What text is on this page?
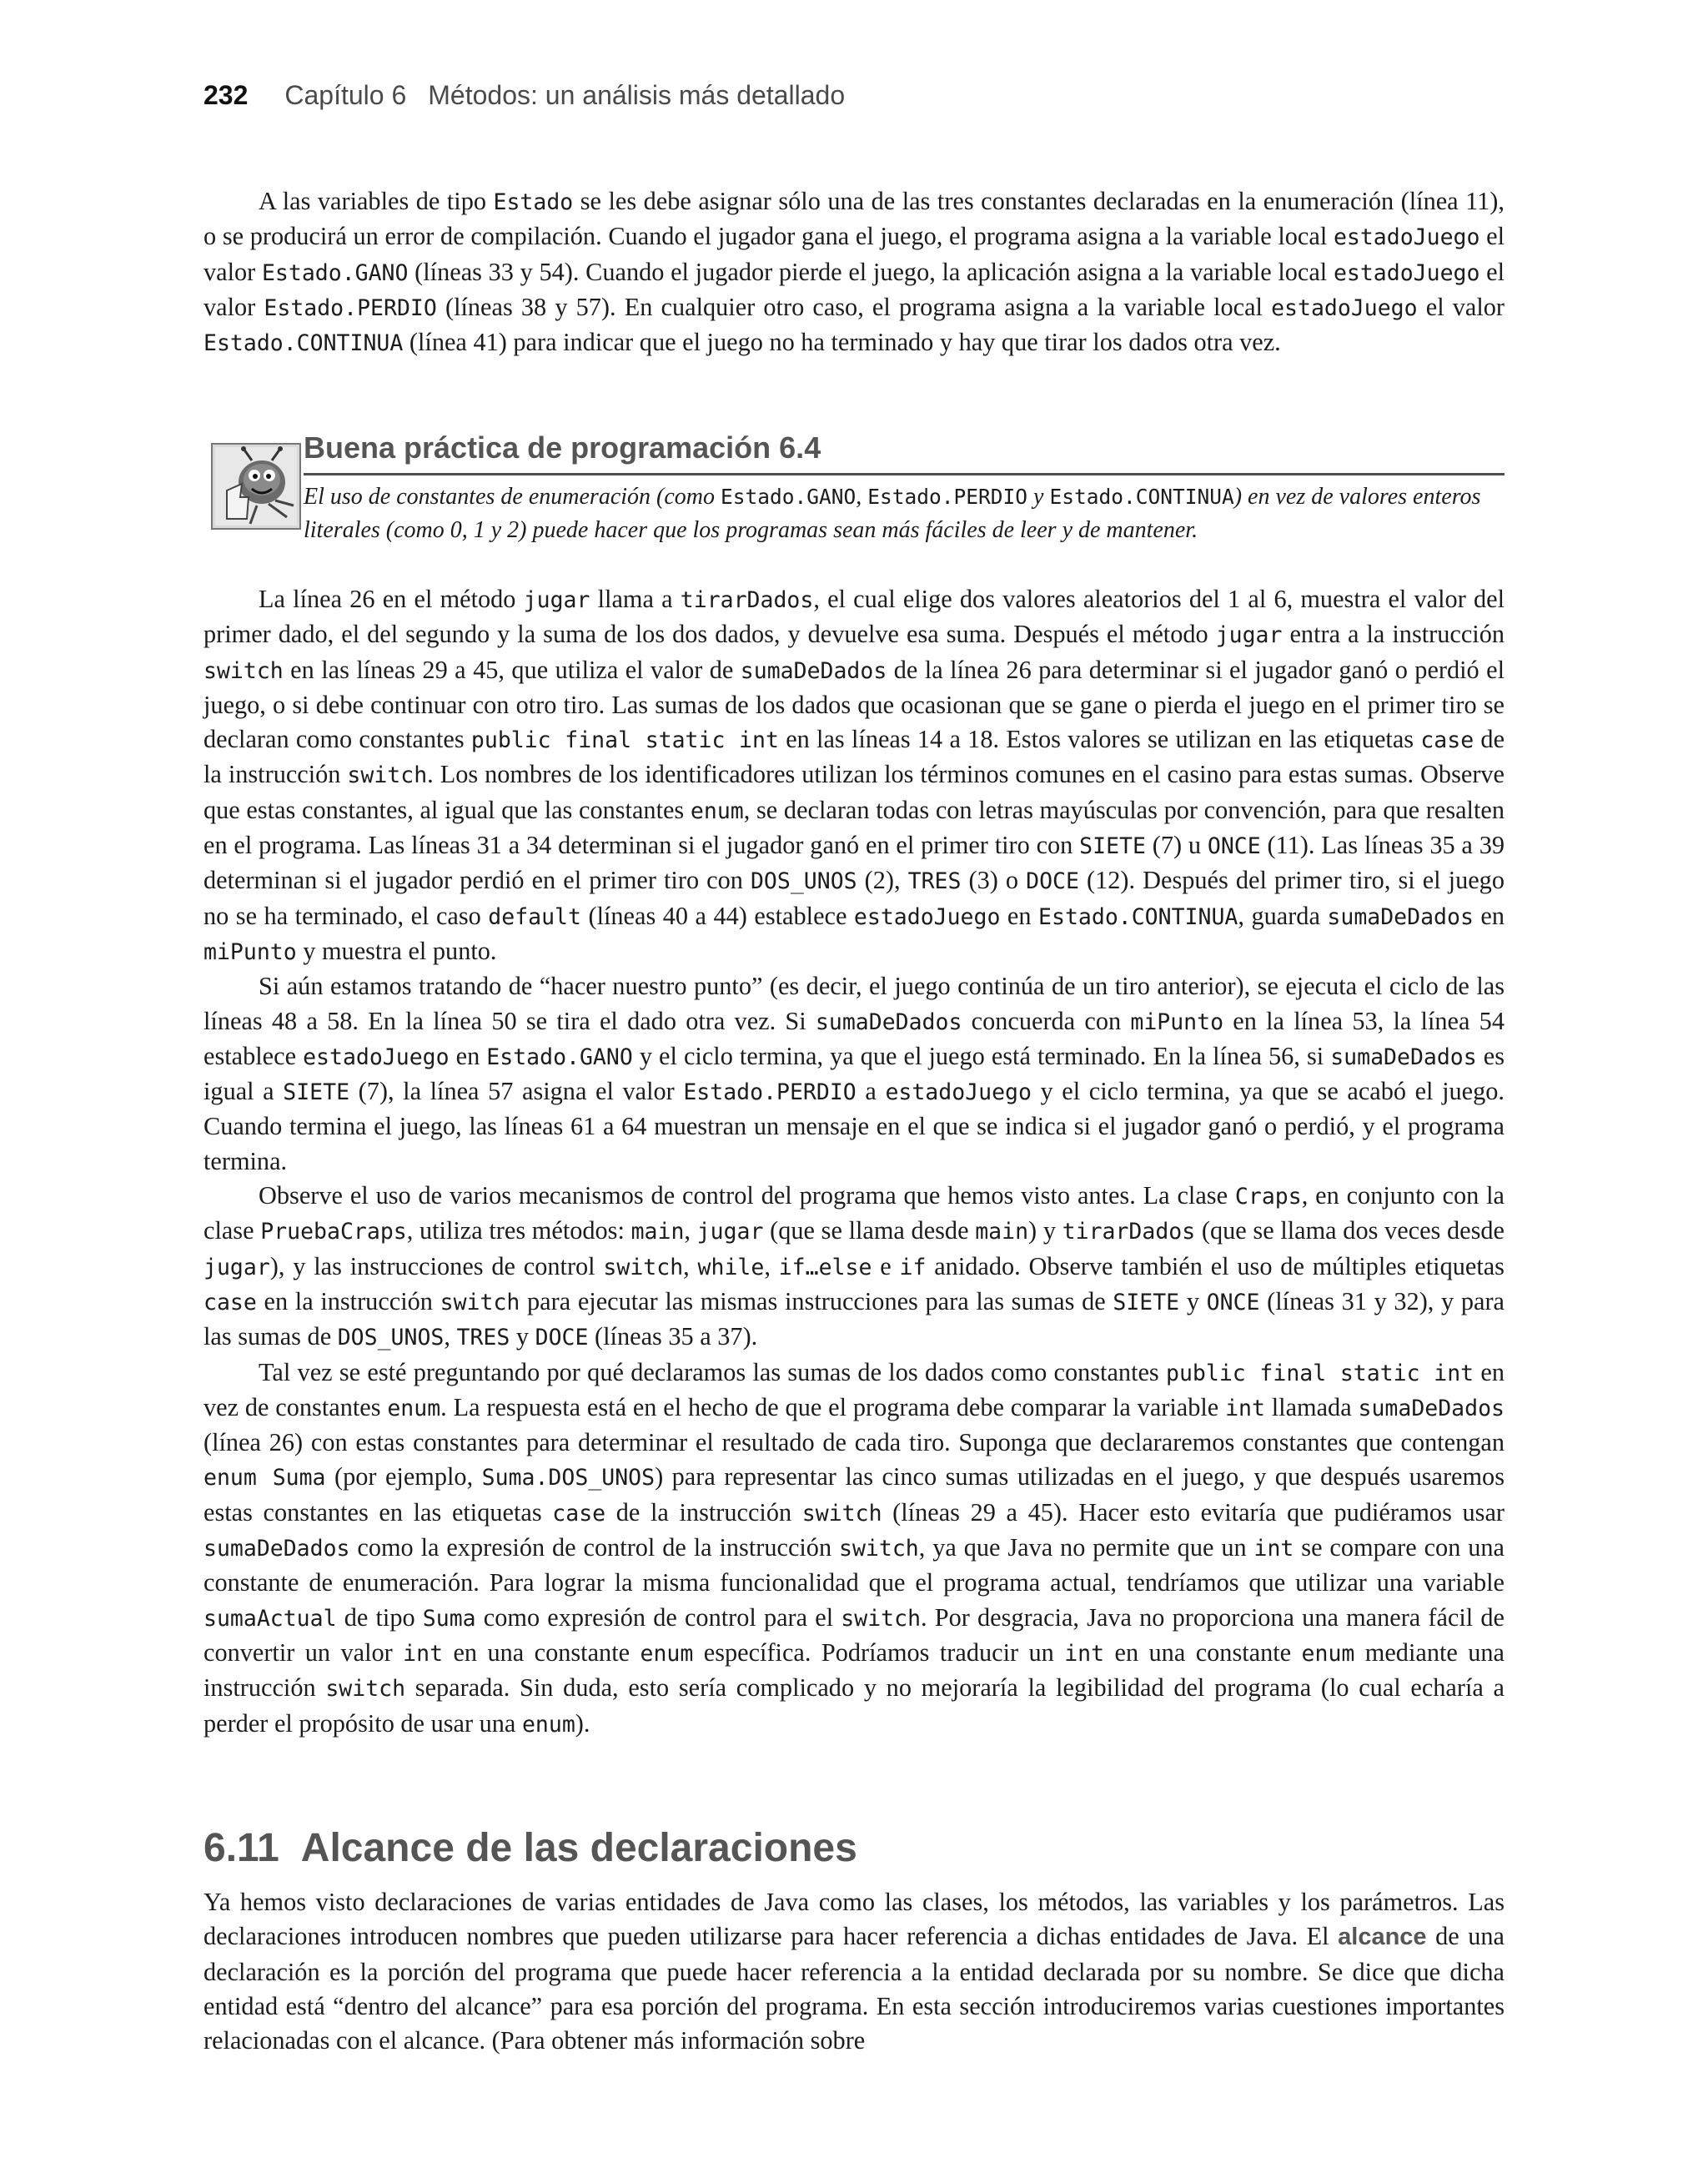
232 Capítulo 6 Métodos: un análisis más detallado

A las variables de tipo Estado se les debe asignar sólo una de las tres constantes declaradas en la enumeración (línea 11), o se producirá un error de compilación. Cuando el jugador gana el juego, el programa asigna a la variable local estadoJuego el valor Estado.GANO (líneas 33 y 54). Cuando el jugador pierde el juego, la aplicación asigna a la variable local estadoJuego el valor Estado.PERDIO (líneas 38 y 57). En cualquier otro caso, el programa asigna a la variable local estadoJuego el valor Estado.CONTINUA (línea 41) para indicar que el juego no ha terminado y hay que tirar los dados otra vez.

Buena práctica de programación 6.4
El uso de constantes de enumeración (como Estado.GANO, Estado.PERDIO y Estado.CONTINUA) en vez de valores enteros literales (como 0, 1 y 2) puede hacer que los programas sean más fáciles de leer y de mantener.

La línea 26 en el método jugar llama a tirarDados, el cual elige dos valores aleatorios del 1 al 6, muestra el valor del primer dado, el del segundo y la suma de los dos dados, y devuelve esa suma. Después el método jugar entra a la instrucción switch en las líneas 29 a 45, que utiliza el valor de sumaDeDados de la línea 26 para determinar si el jugador ganó o perdió el juego, o si debe continuar con otro tiro. Las sumas de los dados que ocasionan que se gane o pierda el juego en el primer tiro se declaran como constantes public final static int en las líneas 14 a 18. Estos valores se utilizan en las etiquetas case de la instrucción switch. Los nombres de los identificadores utilizan los términos comunes en el casino para estas sumas. Observe que estas constantes, al igual que las constantes enum, se declaran todas con letras mayúsculas por convención, para que resalten en el programa. Las líneas 31 a 34 determinan si el jugador ganó en el primer tiro con SIETE (7) u ONCE (11). Las líneas 35 a 39 determinan si el jugador perdió en el primer tiro con DOS_UNOS (2), TRES (3) o DOCE (12). Después del primer tiro, si el juego no se ha terminado, el caso default (líneas 40 a 44) establece estadoJuego en Estado.CONTINUA, guarda sumaDeDados en miPunto y muestra el punto.

Si aún estamos tratando de “hacer nuestro punto” (es decir, el juego continúa de un tiro anterior), se ejecuta el ciclo de las líneas 48 a 58. En la línea 50 se tira el dado otra vez. Si sumaDeDados concuerda con miPunto en la línea 53, la línea 54 establece estadoJuego en Estado.GANO y el ciclo termina, ya que el juego está terminado. En la línea 56, si sumaDeDados es igual a SIETE (7), la línea 57 asigna el valor Estado.PERDIO a estadoJuego y el ciclo termina, ya que se acabó el juego. Cuando termina el juego, las líneas 61 a 64 muestran un mensaje en el que se indica si el jugador ganó o perdió, y el programa termina.

Observe el uso de varios mecanismos de control del programa que hemos visto antes. La clase Craps, en conjunto con la clase PruebaCraps, utiliza tres métodos: main, jugar (que se llama desde main) y tirarDados (que se llama dos veces desde jugar), y las instrucciones de control switch, while, if…else e if anidado. Observe también el uso de múltiples etiquetas case en la instrucción switch para ejecutar las mismas instrucciones para las sumas de SIETE y ONCE (líneas 31 y 32), y para las sumas de DOS_UNOS, TRES y DOCE (líneas 35 a 37).

Tal vez se esté preguntando por qué declaramos las sumas de los dados como constantes public final static int en vez de constantes enum. La respuesta está en el hecho de que el programa debe comparar la variable int llamada sumaDeDados (línea 26) con estas constantes para determinar el resultado de cada tiro. Suponga que declararemos constantes que contengan enum Suma (por ejemplo, Suma.DOS_UNOS) para representar las cinco sumas utilizadas en el juego, y que después usaremos estas constantes en las etiquetas case de la instrucción switch (líneas 29 a 45). Hacer esto evitaría que pudiéramos usar sumaDeDados como la expresión de control de la instrucción switch, ya que Java no permite que un int se compare con una constante de enumeración. Para lograr la misma funcionalidad que el programa actual, tendríamos que utilizar una variable sumaActual de tipo Suma como expresión de control para el switch. Por desgracia, Java no proporciona una manera fácil de convertir un valor int en una constante enum específica. Podríamos traducir un int en una constante enum mediante una instrucción switch separada. Sin duda, esto sería complicado y no mejoraría la legibilidad del programa (lo cual echaría a perder el propósito de usar una enum).

6.11 Alcance de las declaraciones

Ya hemos visto declaraciones de varias entidades de Java como las clases, los métodos, las variables y los parámetros. Las declaraciones introducen nombres que pueden utilizarse para hacer referencia a dichas entidades de Java. El alcance de una declaración es la porción del programa que puede hacer referencia a la entidad declarada por su nombre. Se dice que dicha entidad está “dentro del alcance” para esa porción del programa. En esta sección introduciremos varias cuestiones importantes relacionadas con el alcance. (Para obtener más información sobre
